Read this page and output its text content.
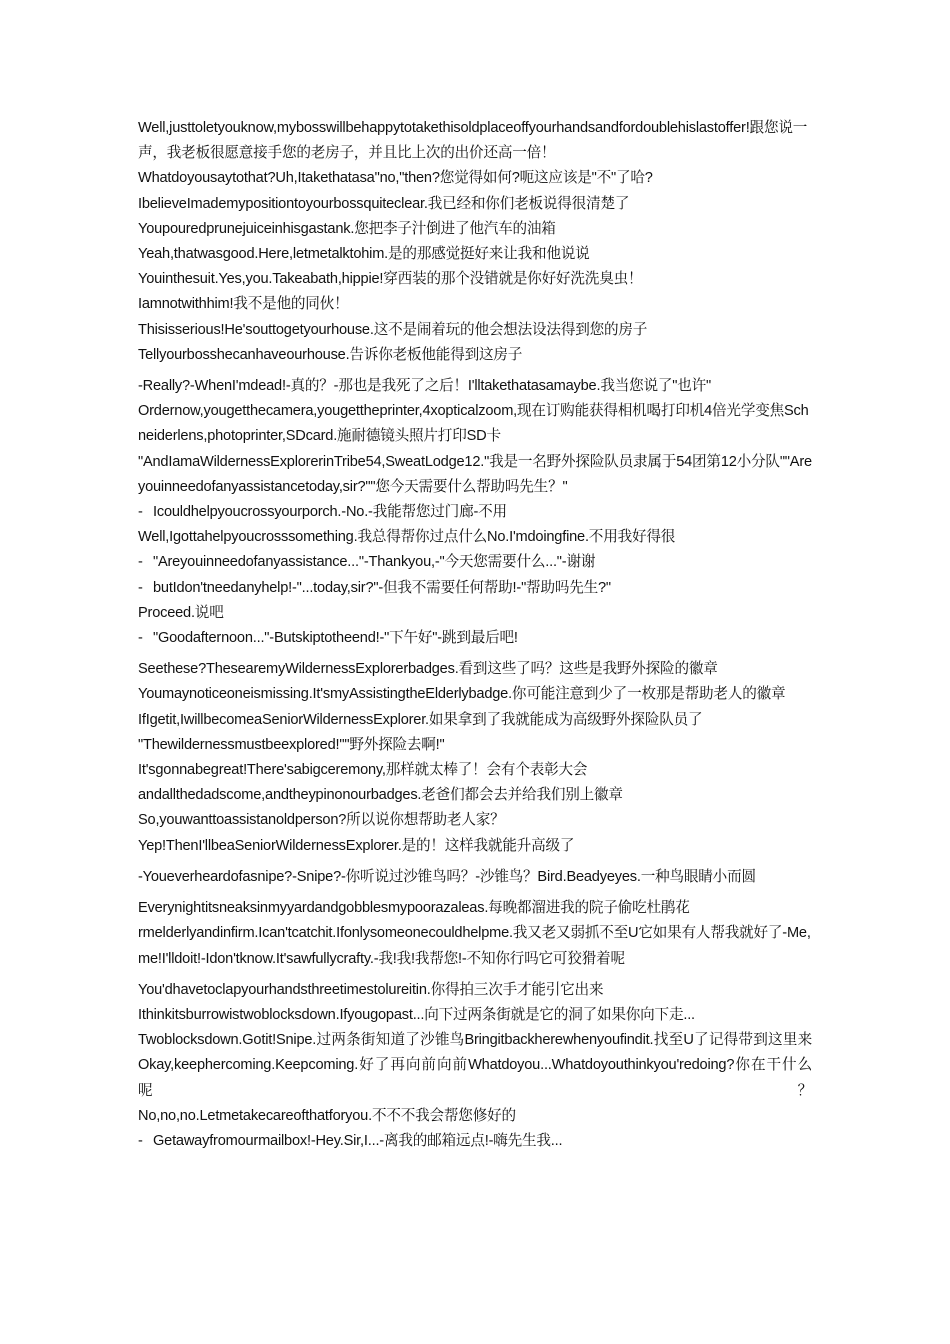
Well,justtoletyouknow,mybosswillbehappytotakethisoldplaceoffyourhandsandfordoublehislastoffer!跟您说一声，我老板很愿意接手您的老房子，并且比上次的出价还高一倍！

Whatdoyousaytothat?Uh,Itakethatasa"no,"then?您觉得如何?呃这应该是"不"了哈?

IbelieveImademypositiontoyourbossquiteclear.我已经和你们老板说得很清楚了

Youpouredprunejuiceinhisgastank.您把李子汁倒进了他汽车的油箱

Yeah,thatwasgood.Here,letmetalktohim.是的那感觉挺好来让我和他说说

Youinthesuit.Yes,you.Takeabath,hippie!穿西装的那个没错就是你好好洗洗臭虫！

Iamnotwithhim!我不是他的同伙！

Thisisserious!He'souttogetyourhouse.这不是闹着玩的他会想法设法得到您的房子

Tellyourbosshecanhaveourhouse.告诉你老板他能得到这房子

-Really?-WhenI'mdead!-真的？-那也是我死了之后！I'lltakethatasamaybe.我当您说了"也许"

Ordernow,yougetthecamera,yougettheprinter,4xopticalzoom,现在订购能获得相机喝打印机4倍光学变焦Schneiderlens,photoprinter,SDcard.施耐德镜头照片打印SD卡

"AndIamaWildernessExplorerinTribe54,SweatLodge12."我是一名野外探险队员隶属于54团第12小分队""Areyouinneedofanyassistancetoday,sir?""您今天需要什么帮助吗先生？"

- Icouldhelpyoucrossyourporch.-No.-我能帮您过门廊-不用

Well,Igottahelpyoucrosssomething.我总得帮你过点什么No.I'mdoingfine.不用我好得很

- "Areyouinneedofanyassistance..."-Thankyou,-"今天您需要什么..."-谢谢

- butIdon'tneedanyhelp!-"...today,sir?"-但我不需要任何帮助!-"帮助吗先生?"

Proceed.说吧

- "Goodafternoon..."-Butskiptotheend!-"下午好"-跳到最后吧!

Seethese?ThesearemyWildernessExplorerbadges.看到这些了吗？这些是我野外探险的徽章

Youmaynoticeoneismissing.It'smyAssistingtheElderlybadge.你可能注意到少了一枚那是帮助老人的徽章

IfIgetit,IwillbecomeaSeniorWildernessExplorer.如果拿到了我就能成为高级野外探险队员了

"Thewildernessmustbeexplored!""野外探险去啊!"

It'sgonnabegreat!There'sabigceremony,那样就太棒了！会有个表彰大会

andallthedadscome,andtheypinonourbadges.老爸们都会去并给我们别上徽章

So,youwanttoassistanoldperson?所以说你想帮助老人家？

Yep!ThenI'llbeaSeniorWildernessExplorer.是的！这样我就能升高级了

-Youeverheardofasnipe?-Snipe?-你听说过沙锥鸟吗？-沙锥鸟？Bird.Beadyeyes.一种鸟眼睛小而圆

Everynightitsneaksinmyyardandgobblesmypoorazaleas.每晚都溜进我的院子偷吃杜鹃花

rmelderlyandinfirm.Ican'tcatchit.Ifonlysomeonecouldhelpme.我又老又弱抓不至U它如果有人帮我就好了-Me,me!I'lldoit!-Idon'tknow.It'sawfullycrafty.-我!我!我帮您!-不知你行吗它可狡猾着呢

You'dhavetoclapyourhandsthreetimestolureitin.你得拍三次手才能引它出来

Ithinkitsburrowistwoblocksdown.Ifyougopast...向下过两条街就是它的洞了如果你向下走...

Twoblocksdown.Gotit!Snipe.过两条街知道了沙锥鸟Bringitbackherewhenyoufindit.找至U了记得带到这里来Okay,keephercoming.Keepcoming.好了再向前向前Whatdoyou...Whatdoyouthinkyou'redoing?你在干什么呢？

No,no,no.Letmetakecareofthatforyou.不不不我会帮您修好的

- Getawayfromourmailbox!-Hey.Sir,I...-离我的邮箱远点!-嗨先生我...
